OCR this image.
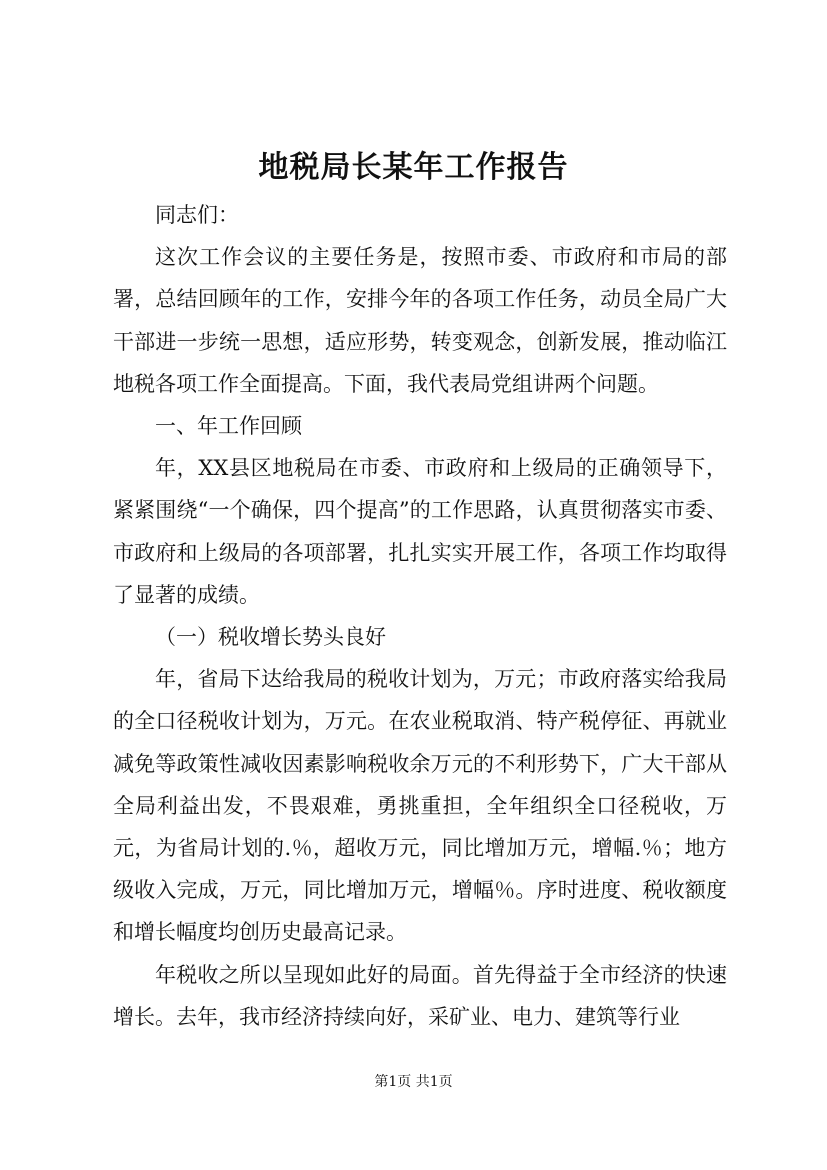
地税局长某年工作报告

同志们：

这次工作会议的主要任务是，按照市委、市政府和市局的部署，总结回顾年的工作，安排今年的各项工作任务，动员全局广大干部进一步统一思想，适应形势，转变观念，创新发展，推动临江地税各项工作全面提高。下面，我代表局党组讲两个问题。

一、年工作回顾

年，XX县区地税局在市委、市政府和上级局的正确领导下，紧紧围绕“一个确保，四个提高”的工作思路，认真贯彻落实市委、市政府和上级局的各项部署，扎扎实实开展工作，各项工作均取得了显著的成绩。

（一）税收增长势头良好

年，省局下达给我局的税收计划为，万元；市政府落实给我局的全口径税收计划为，万元。在农业税取消、特产税停征、再就业减免等政策性减收因素影响税收余万元的不利形势下，广大干部从全局利益出发，不畏艰难，勇挑重担，全年组织全口径税收，万元，为省局计划的.％，超收万元，同比增加万元，增幅.％；地方级收入完成，万元，同比增加万元，增幅％。序时进度、税收额度和增长幅度均创历史最高记录。

年税收之所以呈现如此好的局面。首先得益于全市经济的快速增长。去年，我市经济持续向好，采矿业、电力、建筑等行业

第1页 共1页
